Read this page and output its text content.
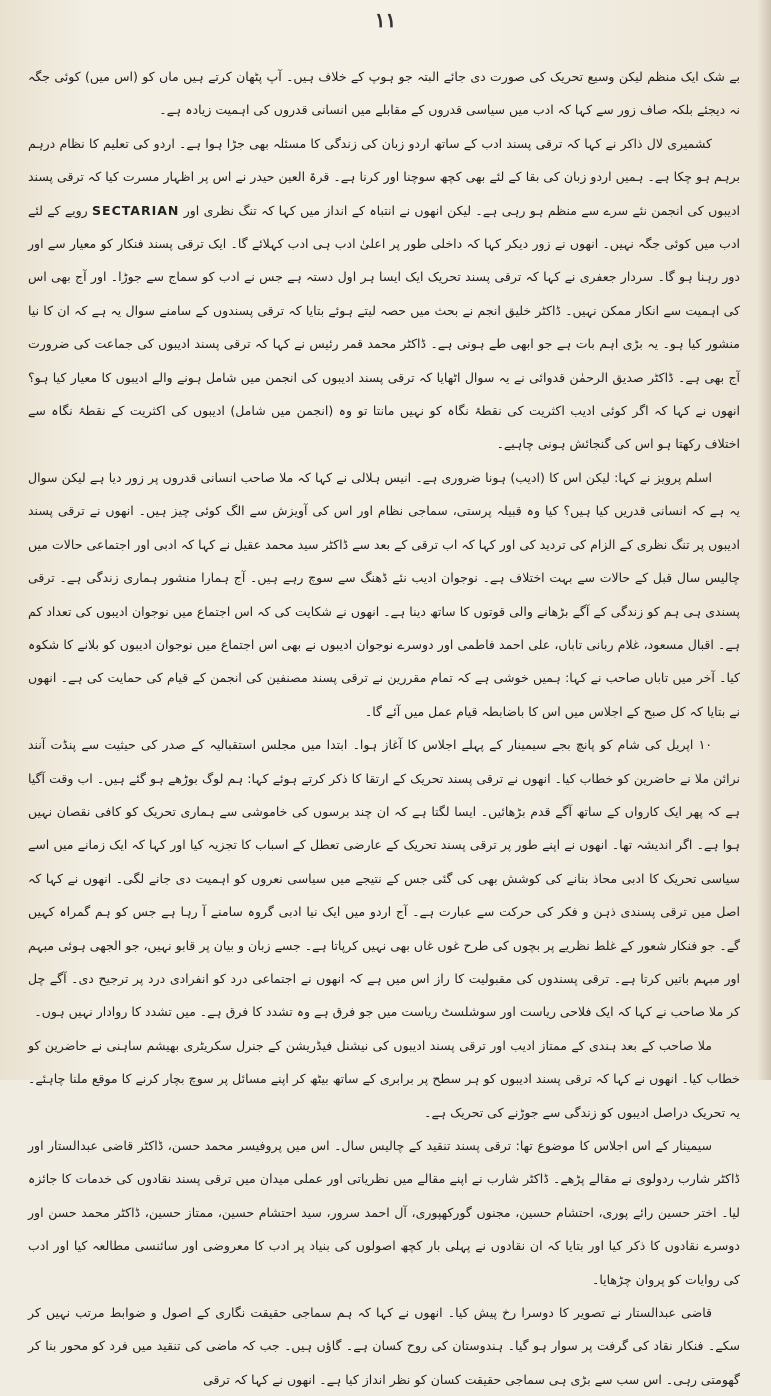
۱۱

بے شک ایک منظم لیکن وسیع تحریک کی صورت دی جائے البتہ جو ہوپ کے خلاف ہیں۔ آپ پٹھان کرتے ہیں ماں کو (اس میں) کوئی جگہ نہ دیجئے بلکہ صاف زور سے کہا کہ ادب میں سیاسی قدروں کے مقابلے میں انسانی قدروں کی اہمیت زیادہ ہے۔

کشمیری لال ذاکر نے کہا کہ ترقی پسند ادب کے ساتھ اردو زبان کی زندگی کا مسئلہ بھی جڑا ہوا ہے۔ اردو کی تعلیم کا نظام درہم برہم ہو چکا ہے۔ ہمیں اردو زبان کی بقا کے لئے بھی کچھ سوچنا اور کرنا ہے۔ قرۃ العین حیدر نے اس پر اظہار مسرت کیا کہ ترقی پسند ادیبوں کی انجمن نئے سرے سے منظم ہو رہی ہے۔ لیکن انھوں نے انتباہ کے انداز میں کہا کہ تنگ نظری اور SECTARIAN رویے کے لئے ادب میں کوئی جگہ نہیں۔ انھوں نے زور دیکر کہا کہ داخلی طور پر اعلیٰ ادب ہی ادب کہلائے گا۔ ایک ترقی پسند فنکار کو معیار سے اور دور رہنا ہو گا۔ سردار جعفری نے کہا کہ ترقی پسند تحریک ایک ایسا ہر اول دستہ ہے جس نے ادب کو سماج سے جوڑا۔ اور آج بھی اس کی اہمیت سے انکار ممکن نہیں۔ ڈاکٹر خلیق انجم نے بحث میں حصہ لیتے ہوئے بتایا کہ ترقی پسندوں کے سامنے سوال یہ ہے کہ ان کا نیا منشور کیا ہو۔ یہ بڑی اہم بات ہے جو ابھی طے ہونی ہے۔ ڈاکٹر محمد قمر رئیس نے کہا کہ ترقی پسند ادیبوں کی جماعت کی ضرورت آج بھی ہے۔ ڈاکٹر صدیق الرحمٰن قدوائی نے یہ سوال اٹھایا کہ ترقی پسند ادیبوں کی انجمن میں شامل ہونے والے ادیبوں کا معیار کیا ہو؟ انھوں نے کہا کہ اگر کوئی ادیب اکثریت کی نقطۂ نگاہ کو نہیں مانتا تو وہ (انجمن میں شامل) ادیبوں کی اکثریت کے نقطۂ نگاہ سے اختلاف رکھتا ہو اس کی گنجائش ہونی چاہیے۔

اسلم پرویز نے کہا: لیکن اس کا (ادیب) ہونا ضروری ہے۔ انیس ہلالی نے کہا کہ ملا صاحب انسانی قدروں پر زور دیا ہے لیکن سوال یہ ہے کہ انسانی قدریں کیا ہیں؟ کیا وہ قبیلہ پرستی، سماجی نظام اور اس کی آویزش سے الگ کوئی چیز ہیں۔ انھوں نے ترقی پسند ادیبوں پر تنگ نظری کے الزام کی تردید کی اور کہا کہ اب ترقی کے بعد سے ڈاکٹر سید محمد عقیل نے کہا کہ ادبی اور اجتماعی حالات میں چالیس سال قبل کے حالات سے بہت اختلاف ہے۔ نوجوان ادیب نئے ڈھنگ سے سوچ رہے ہیں۔ آج ہمارا منشور ہماری زندگی ہے۔ ترقی پسندی ہی ہم کو زندگی کے آگے بڑھانے والی قوتوں کا ساتھ دینا ہے۔ انھوں نے شکایت کی کہ اس اجتماع میں نوجوان ادیبوں کی تعداد کم ہے۔ اقبال مسعود، غلام ربانی تاباں، علی احمد فاطمی اور دوسرے نوجوان ادیبوں نے بھی اس اجتماع میں نوجوان ادیبوں کو بلانے کا شکوہ کیا۔ آخر میں تاباں صاحب نے کہا: ہمیں خوشی ہے کہ تمام مقررین نے ترقی پسند مصنفین کی انجمن کے قیام کی حمایت کی ہے۔ انھوں نے بتایا کہ کل صبح کے اجلاس میں اس کا باضابطہ قیام عمل میں آئے گا۔

۱۰ اپریل کی شام کو پانچ بجے سیمینار کے پہلے اجلاس کا آغاز ہوا۔ ابتدا میں مجلس استقبالیہ کے صدر کی حیثیت سے پنڈت آنند نرائن ملا نے حاضرین کو خطاب کیا۔ انھوں نے ترقی پسند تحریک کے ارتقا کا ذکر کرتے ہوئے کہا: ہم لوگ بوڑھے ہو گئے ہیں۔ اب وقت آگیا ہے کہ پھر ایک کارواں کے ساتھ آگے قدم بڑھائیں۔ ایسا لگتا ہے کہ ان چند برسوں کی خاموشی سے ہماری تحریک کو کافی نقصان نہیں ہوا ہے۔ اگر اندیشہ تھا۔ انھوں نے اپنے طور پر ترقی پسند تحریک کے عارضی تعطل کے اسباب کا تجزیہ کیا اور کہا کہ ایک زمانے میں اسے سیاسی تحریک کا ادبی محاذ بنانے کی کوشش بھی کی گئی جس کے نتیجے میں سیاسی نعروں کو اہمیت دی جانے لگی۔ انھوں نے کہا کہ اصل میں ترقی پسندی ذہن و فکر کی حرکت سے عبارت ہے۔ آج اردو میں ایک نیا ادبی گروہ سامنے آ رہا ہے جس کو ہم گمراہ کہیں گے۔ جو فنکار شعور کے غلط نظریے پر بچوں کی طرح غوں غاں بھی نہیں کرپاتا ہے۔ جسے زبان و بیان پر قابو نہیں، جو الجھی ہوئی مبہم اور مبہم باتیں کرتا ہے۔ ترقی پسندوں کی مقبولیت کا راز اس میں ہے کہ انھوں نے اجتماعی درد کو انفرادی درد پر ترجیح دی۔ آگے چل کر ملا صاحب نے کہا کہ ایک فلاحی ریاست اور سوشلسٹ ریاست میں جو فرق ہے وہ تشدد کا فرق ہے۔ میں تشدد کا روادار نہیں ہوں۔

ملا صاحب کے بعد ہندی کے ممتاز ادیب اور ترقی پسند ادیبوں کی نیشنل فیڈریشن کے جنرل سکریٹری بھیشم ساہنی نے حاضرین کو خطاب کیا۔ انھوں نے کہا کہ ترقی پسند ادیبوں کو ہر سطح پر برابری کے ساتھ بیٹھ کر اپنے مسائل پر سوچ بچار کرنے کا موقع ملنا چاہئے۔ یہ تحریک دراصل ادیبوں کو زندگی سے جوڑنے کی تحریک ہے۔

سیمینار کے اس اجلاس کا موضوع تھا: ترقی پسند تنقید کے چالیس سال۔ اس میں پروفیسر محمد حسن، ڈاکٹر قاضی عبدالستار اور ڈاکٹر شارب ردولوی نے مقالے پڑھے۔ ڈاکٹر شارب نے اپنے مقالے میں نظریاتی اور عملی میدان میں ترقی پسند نقادوں کی خدمات کا جائزہ لیا۔ اختر حسین رائے پوری، احتشام حسین، مجنوں گورکھپوری، آل احمد سرور، سید احتشام حسین، ممتاز حسین، ڈاکٹر محمد حسن اور دوسرے نقادوں کا ذکر کیا اور بتایا کہ ان نقادوں نے پہلی بار کچھ اصولوں کی بنیاد پر ادب کا معروضی اور سائنسی مطالعہ کیا اور ادب کی روایات کو پروان چڑھایا۔

قاضی عبدالستار نے تصویر کا دوسرا رخ پیش کیا۔ انھوں نے کہا کہ ہم سماجی حقیقت نگاری کے اصول و ضوابط مرتب نہیں کر سکے۔ فنکار نقاد کی گرفت پر سوار ہو گیا۔ ہندوستان کی روح کسان ہے۔ گاؤں ہیں۔ جب کہ ماضی کی تنقید میں فرد کو محور بنا کر گھومتی رہی۔ اس سب سے بڑی ہی سماجی حقیقت کسان کو نظر انداز کیا ہے۔ انھوں نے کہا کہ ترقی
